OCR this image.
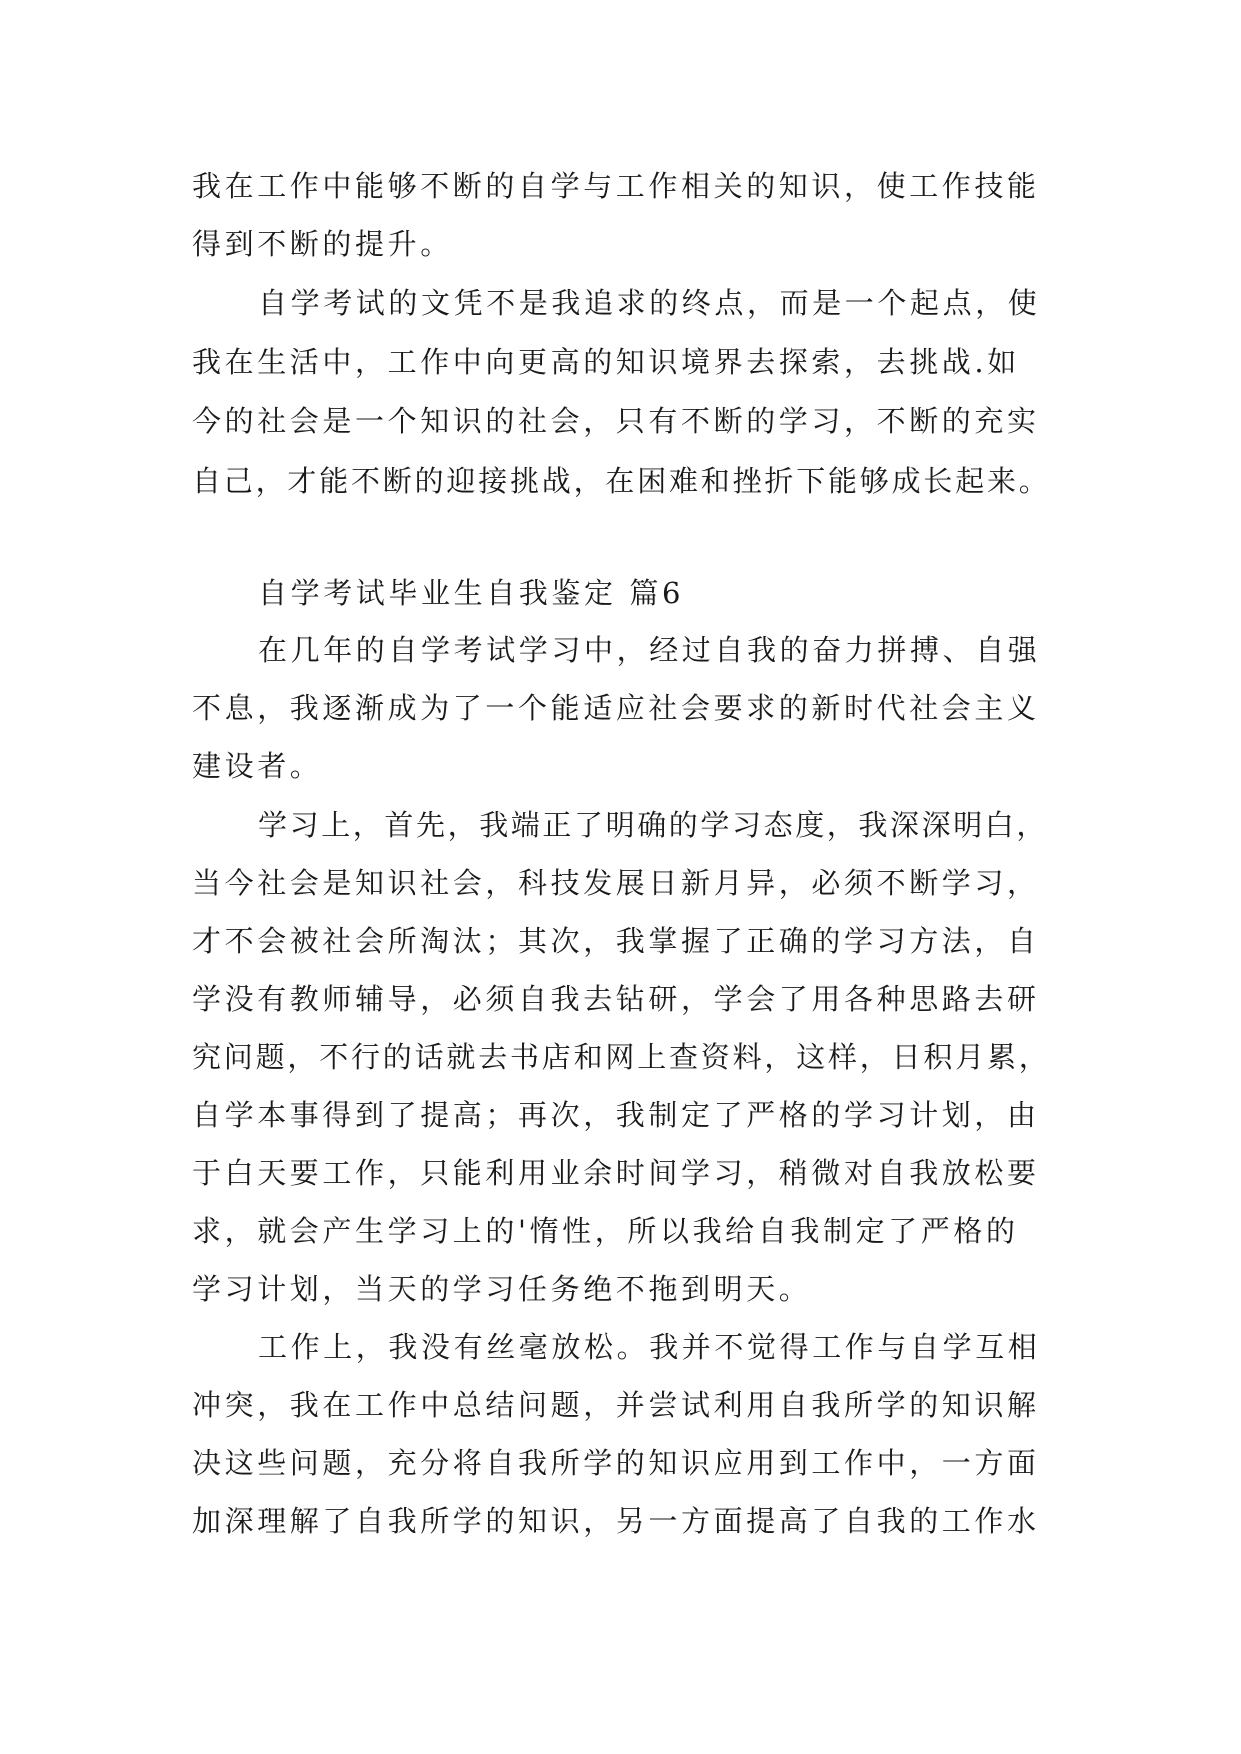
我在工作中能够不断的自学与工作相关的知识，使工作技能
得到不断的提升。
自学考试的文凭不是我追求的终点，而是一个起点，使
我在生活中，工作中向更高的知识境界去探索，去挑战.如
今的社会是一个知识的社会，只有不断的学习，不断的充实
自己，才能不断的迎接挑战，在困难和挫折下能够成长起来。
自学考试毕业生自我鉴定 篇6
在几年的自学考试学习中，经过自我的奋力拼搏、自强
不息，我逐渐成为了一个能适应社会要求的新时代社会主义
建设者。
学习上，首先，我端正了明确的学习态度，我深深明白，
当今社会是知识社会，科技发展日新月异，必须不断学习，
才不会被社会所淘汰；其次，我掌握了正确的学习方法，自
学没有教师辅导，必须自我去钻研，学会了用各种思路去研
究问题，不行的话就去书店和网上查资料，这样，日积月累，
自学本事得到了提高；再次，我制定了严格的学习计划，由
于白天要工作，只能利用业余时间学习，稍微对自我放松要
求，就会产生学习上的'惰性，所以我给自我制定了严格的
学习计划，当天的学习任务绝不拖到明天。
工作上，我没有丝毫放松。我并不觉得工作与自学互相
冲突，我在工作中总结问题，并尝试利用自我所学的知识解
决这些问题，充分将自我所学的知识应用到工作中，一方面
加深理解了自我所学的知识，另一方面提高了自我的工作水
